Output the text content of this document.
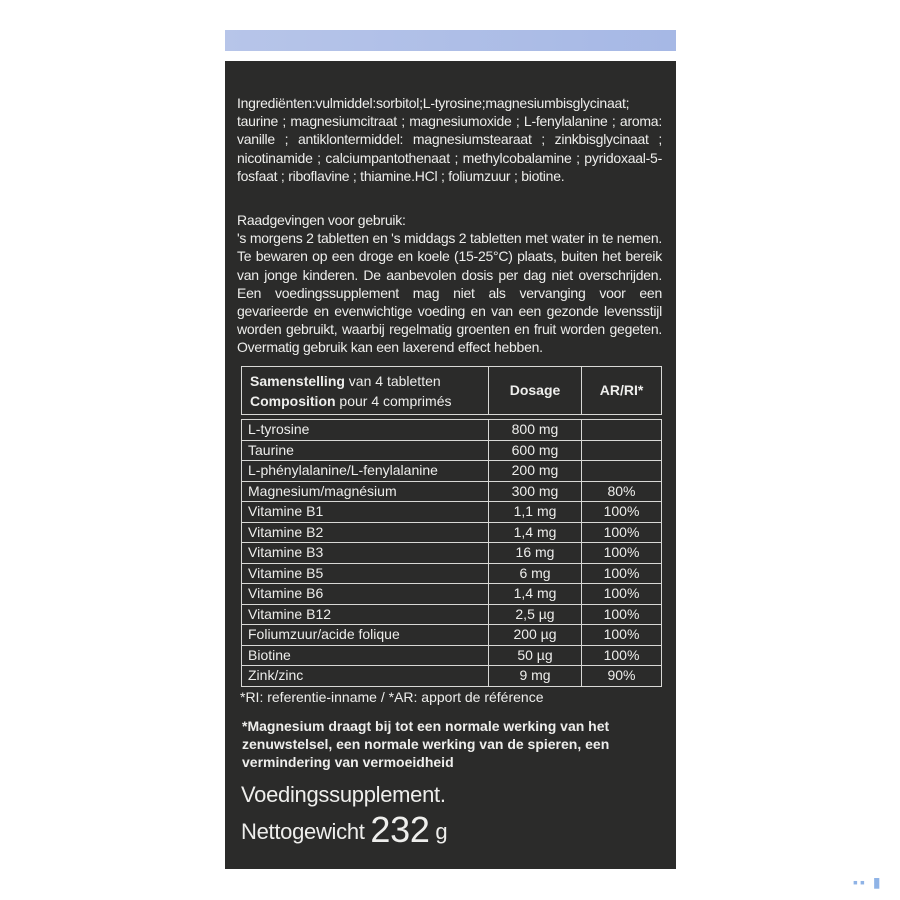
Ingrediënten:vulmiddel:sorbitol;L-tyrosine;magnesiumbisglycinaat; taurine ; magnesiumcitraat ; magnesiumoxide ; L-fenylalanine ; aroma: vanille ; antiklontermiddel: magnesiumstearaat ; zinkbisglycinaat ; nicotinamide ; calciumpantothenaat ; methylcobalamine ; pyridoxaal-5-fosfaat ; riboflavine ; thiamine.HCl ; foliumzuur ; biotine.

Raadgevingen voor gebruik:
's morgens 2 tabletten en 's middags 2 tabletten met water in te nemen. Te bewaren op een droge en koele (15-25°C) plaats, buiten het bereik van jonge kinderen. De aanbevolen dosis per dag niet overschrijden. Een voedingssupplement mag niet als vervanging voor een gevarieerde en evenwichtige voeding en van een gezonde levensstijl worden gebruikt, waarbij regelmatig groenten en fruit worden gegeten. Overmatig gebruik kan een laxerend effect hebben.

Samenstelling van 4 tabletten
Composition pour 4 comprimés	Dosage	AR/RI*

L-tyrosine	800 mg	
Taurine	600 mg	
L-phénylalanine/L-fenylalanine	200 mg	
Magnesium/magnésium	300 mg	80%
Vitamine B1	1,1 mg	100%
Vitamine B2	1,4 mg	100%
Vitamine B3	16 mg	100%
Vitamine B5	6 mg	100%
Vitamine B6	1,4 mg	100%
Vitamine B12	2,5 µg	100%
Foliumzuur/acide folique	200 µg	100%
Biotine	50 µg	100%
Zink/zinc	9 mg	90%

*RI: referentie-inname / *AR: apport de référence

*Magnesium draagt bij tot een normale werking van het zenuwstelsel, een normale werking van de spieren, een vermindering van vermoeidheid

Voedingssupplement.

Nettogewicht 232 g

▪▪ ▮
